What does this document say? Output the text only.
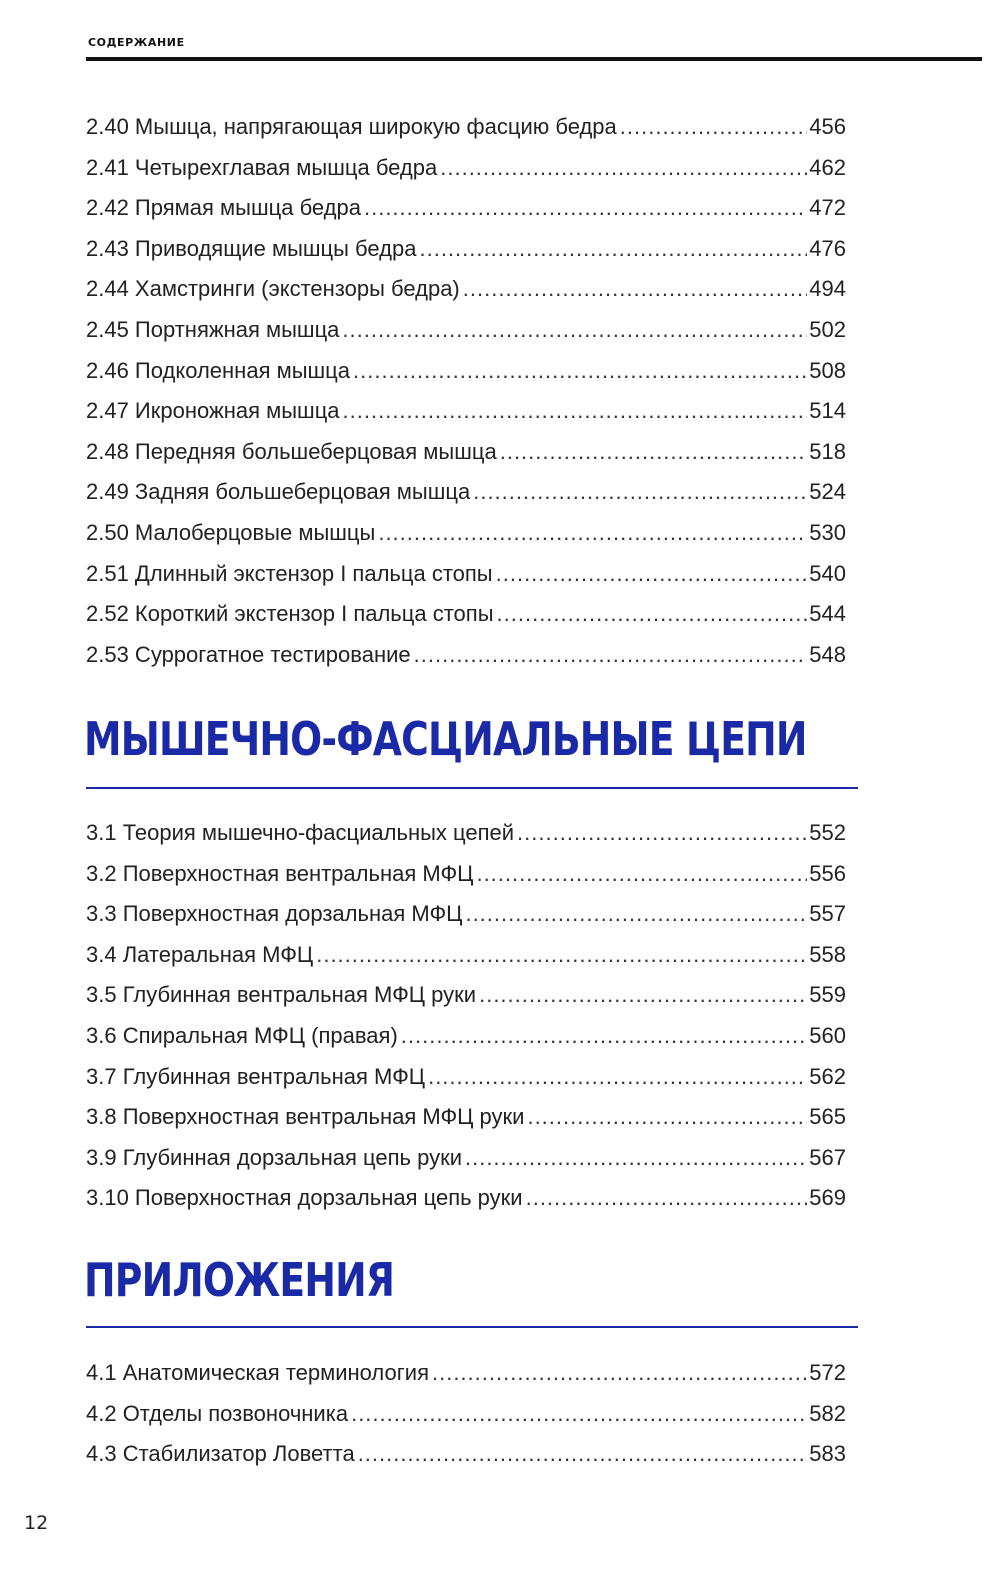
СОДЕРЖАНИЕ
2.40 Мышца, напрягающая широкую фасцию бедра .....	456
2.41 Четырехглавая мышца бедра .....	462
2.42 Прямая мышца бедра .....	472
2.43 Приводящие мышцы бедра .....	476
2.44 Хамстринги (экстензоры бедра) .....	494
2.45 Портняжная мышца .....	502
2.46 Подколенная мышца .....	508
2.47 Икроножная мышца .....	514
2.48 Передняя большеберцовая мышца .....	518
2.49 Задняя большеберцовая мышца .....	524
2.50 Малоберцовые мышцы .....	530
2.51 Длинный экстензор I пальца стопы .....	540
2.52 Короткий экстензор I пальца стопы .....	544
2.53 Суррогатное тестирование .....	548
МЫШЕЧНО-ФАСЦИАЛЬНЫЕ ЦЕПИ
3.1 Теория мышечно-фасциальных цепей .....	552
3.2 Поверхностная вентральная МФЦ .....	556
3.3 Поверхностная дорзальная МФЦ .....	557
3.4 Латеральная МФЦ .....	558
3.5 Глубинная вентральная МФЦ руки .....	559
3.6 Спиральная МФЦ (правая) .....	560
3.7 Глубинная вентральная МФЦ .....	562
3.8 Поверхностная вентральная МФЦ руки .....	565
3.9 Глубинная дорзальная цепь руки .....	567
3.10 Поверхностная дорзальная цепь руки .....	569
ПРИЛОЖЕНИЯ
4.1 Анатомическая терминология .....	572
4.2 Отделы позвоночника .....	582
4.3 Стабилизатор Ловетта .....	583
12
